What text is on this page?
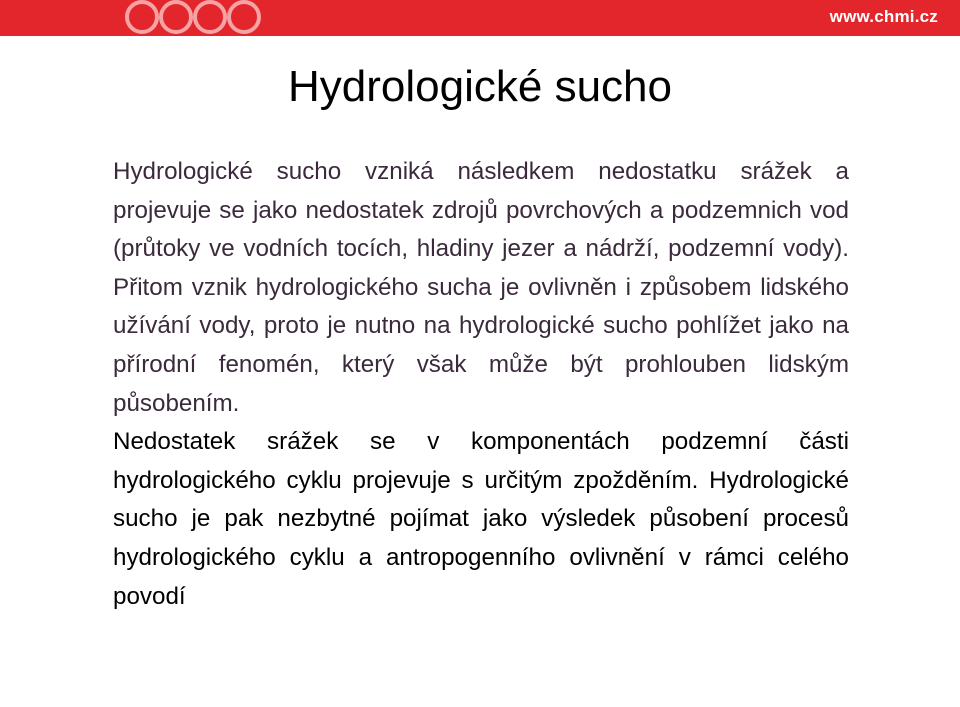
www.chmi.cz
Hydrologické sucho

Hydrologické sucho vzniká následkem nedostatku srážek a projevuje se jako nedostatek zdrojů povrchových a podzemnich vod (průtoky ve vodních tocích, hladiny jezer a nádrží, podzemní vody). Přitom vznik hydrologického sucha je ovlivněn i způsobem lidského užívání vody, proto je nutno na hydrologické sucho pohlížet jako na přírodní fenomén, který však může být prohlouben lidským působením.

Nedostatek srážek se v komponentách podzemní části hydrologického cyklu projevuje s určitým zpožděním. Hydrologické sucho je pak nezbytné pojímat jako výsledek působení procesů hydrologického cyklu a antropogenního ovlivnění v rámci celého povodí
